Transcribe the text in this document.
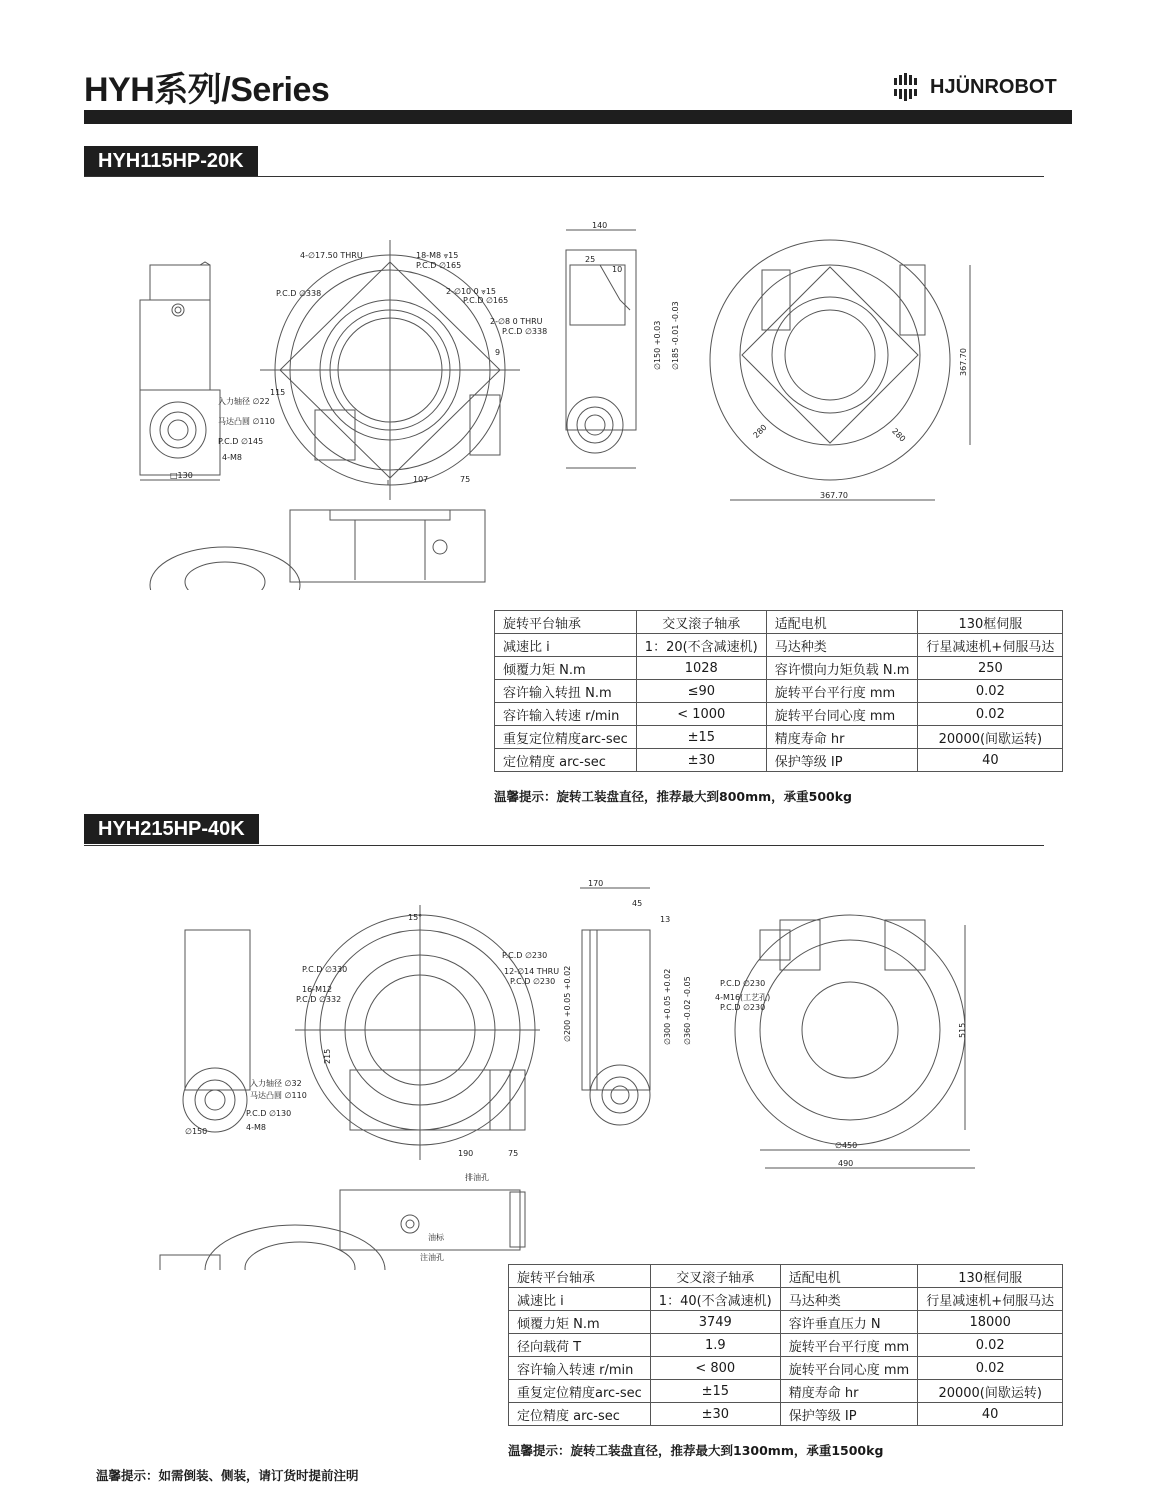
HYH系列/Series	HJÜNROBOT
HYH115HP-20K
4-∅17.50 THRU	18-M8 ⩔15
P.C.D ∅165
P.C.D ∅338	2-∅10 0 ⩔15
P.C.D ∅165
2-∅8 0 THRU
P.C.D ∅338
9
115
入力轴径 ∅22
马达凸圆 ∅110
P.C.D ∅145
4-M8
□130	107	75
140
25
10
∅150 +0.03 ∅185 -0.01 -0.03	367.70
280	280
367.70
旋转平台轴承	交叉滚子轴承	适配电机	130框伺服
减速比 i	1：20(不含减速机)	马达种类	行星减速机+伺服马达
倾覆力矩 N.m	1028	容许惯向力矩负载 N.m	250
容许输入转扭 N.m	≤90	旋转平台平行度 mm	0.02
容许输入转速 r/min	< 1000	旋转平台同心度 mm	0.02
重复定位精度arc-sec	±15	精度寿命 hr	20000(间歇运转)
定位精度 arc-sec	±30	保护等级 IP	40
温馨提示：旋转工装盘直径，推荐最大到800mm，承重500kg
HYH215HP-40K
15°
P.C.D ∅230
P.C.D ∅330	12-∅14 THRU
P.C.D ∅230
16-M12
P.C.D ∅332
215
入力轴径 ∅32
马达凸圆 ∅110
P.C.D ∅130
4-M8
∅150
190	75
170
45
13
∅200 +0.05 +0.02	∅300 +0.05 +0.02 ∅360 -0.02 -0.05	P.C.D ∅230
4-M16(工艺孔)
P.C.D ∅230
515
∅450
490
排油孔
油标
注油孔
旋转平台轴承	交叉滚子轴承	适配电机	130框伺服
减速比 i	1：40(不含减速机)	马达种类	行星减速机+伺服马达
倾覆力矩 N.m	3749	容许垂直压力 N	18000
径向载荷 T	1.9	旋转平台平行度 mm	0.02
容许输入转速 r/min	< 800	旋转平台同心度 mm	0.02
重复定位精度arc-sec	±15	精度寿命 hr	20000(间歇运转)
定位精度 arc-sec	±30	保护等级 IP	40
温馨提示：旋转工装盘直径，推荐最大到1300mm，承重1500kg
温馨提示：如需倒装、侧装，请订货时提前注明
